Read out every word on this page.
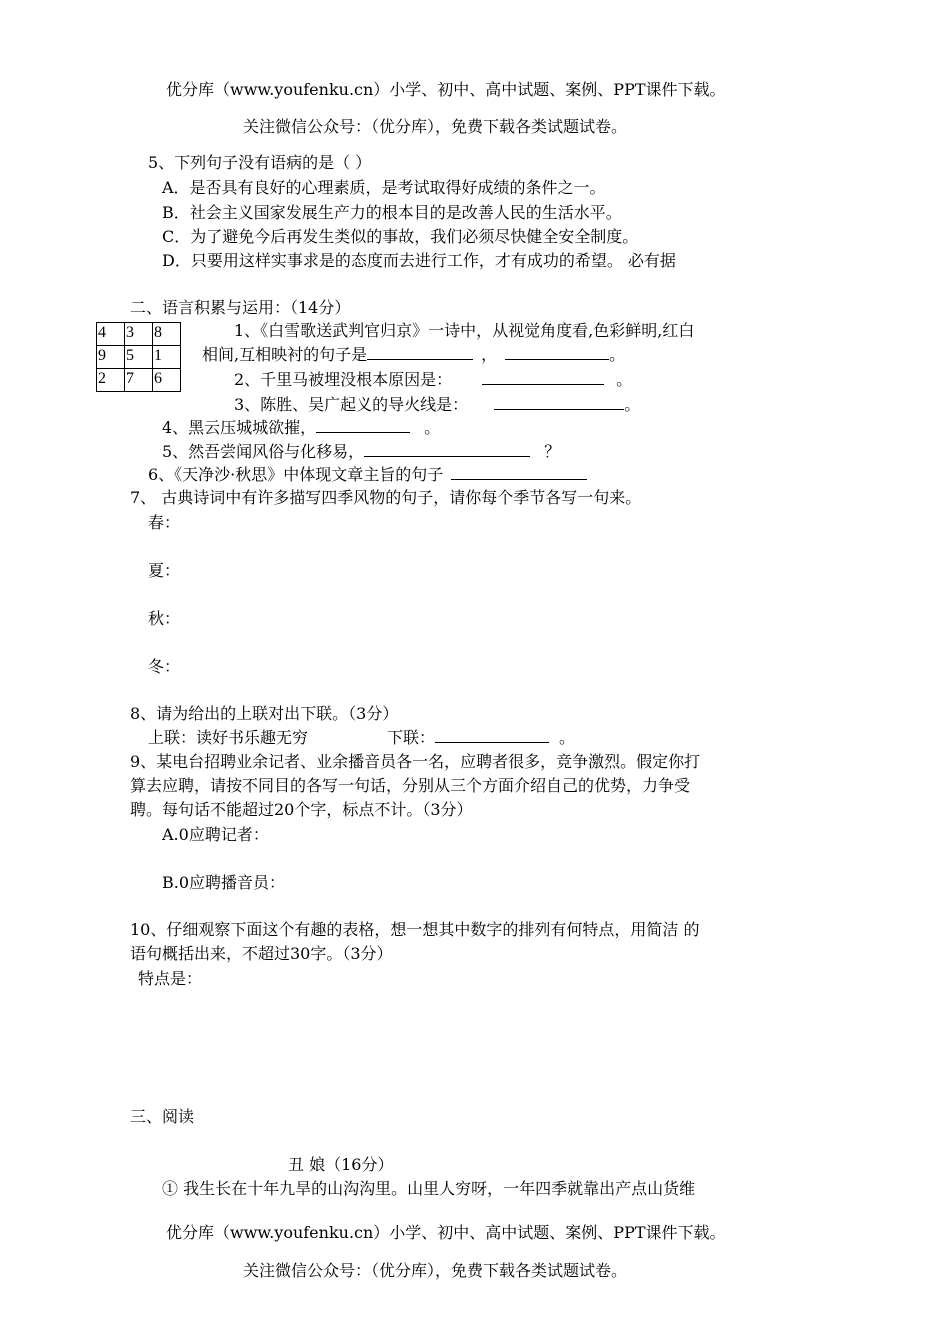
优分库（www.youfenku.cn）小学、初中、高中试题、案例、PPT课件下载。
关注微信公众号：（优分库），免费下载各类试题试卷。
5、下列句子没有语病的是（ ）
A．是否具有良好的心理素质，是考试取得好成绩的条件之一。
B．社会主义国家发展生产力的根本目的是改善人民的生活水平。
C．为了避免今后再发生类似的事故，我们必须尽快健全安全制度。
D．只要用这样实事求是的态度而去进行工作，才有成功的希望。 必有据
二、语言积累与运用：（14分）
4	3	8
9	5	1
2	7	6
1、《白雪歌送武判官归京》一诗中，从视觉角度看,色彩鲜明,红白
相间,互相映衬的句子是	，	。
2、千里马被埋没根本原因是：	。
3、陈胜、吴广起义的导火线是：	。
4、黑云压城城欲摧，	。
5、然吾尝闻风俗与化移易，	？
6、《天净沙·秋思》中体现文章主旨的句子
7、 古典诗词中有许多描写四季风物的句子，请你每个季节各写一句来。
春：
夏：
秋：
冬：
8、请为给出的上联对出下联。（3分）
上联：读好书乐趣无穷	下联：	。
9、某电台招聘业余记者、业余播音员各一名，应聘者很多，竞争激烈。假定你打
算去应聘，请按不同目的各写一句话，分别从三个方面介绍自己的优势，力争受
聘。每句话不能超过20个字，标点不计。（3分）
A.0应聘记者：
B.0应聘播音员：
10、仔细观察下面这个有趣的表格，想一想其中数字的排列有何特点，用简洁 的
语句概括出来，不超过30字。（3分）
特点是：
三、阅读
丑 娘（16分）
① 我生长在十年九旱的山沟沟里。山里人穷呀，一年四季就靠出产点山货维
优分库（www.youfenku.cn）小学、初中、高中试题、案例、PPT课件下载。
关注微信公众号：（优分库），免费下载各类试题试卷。
